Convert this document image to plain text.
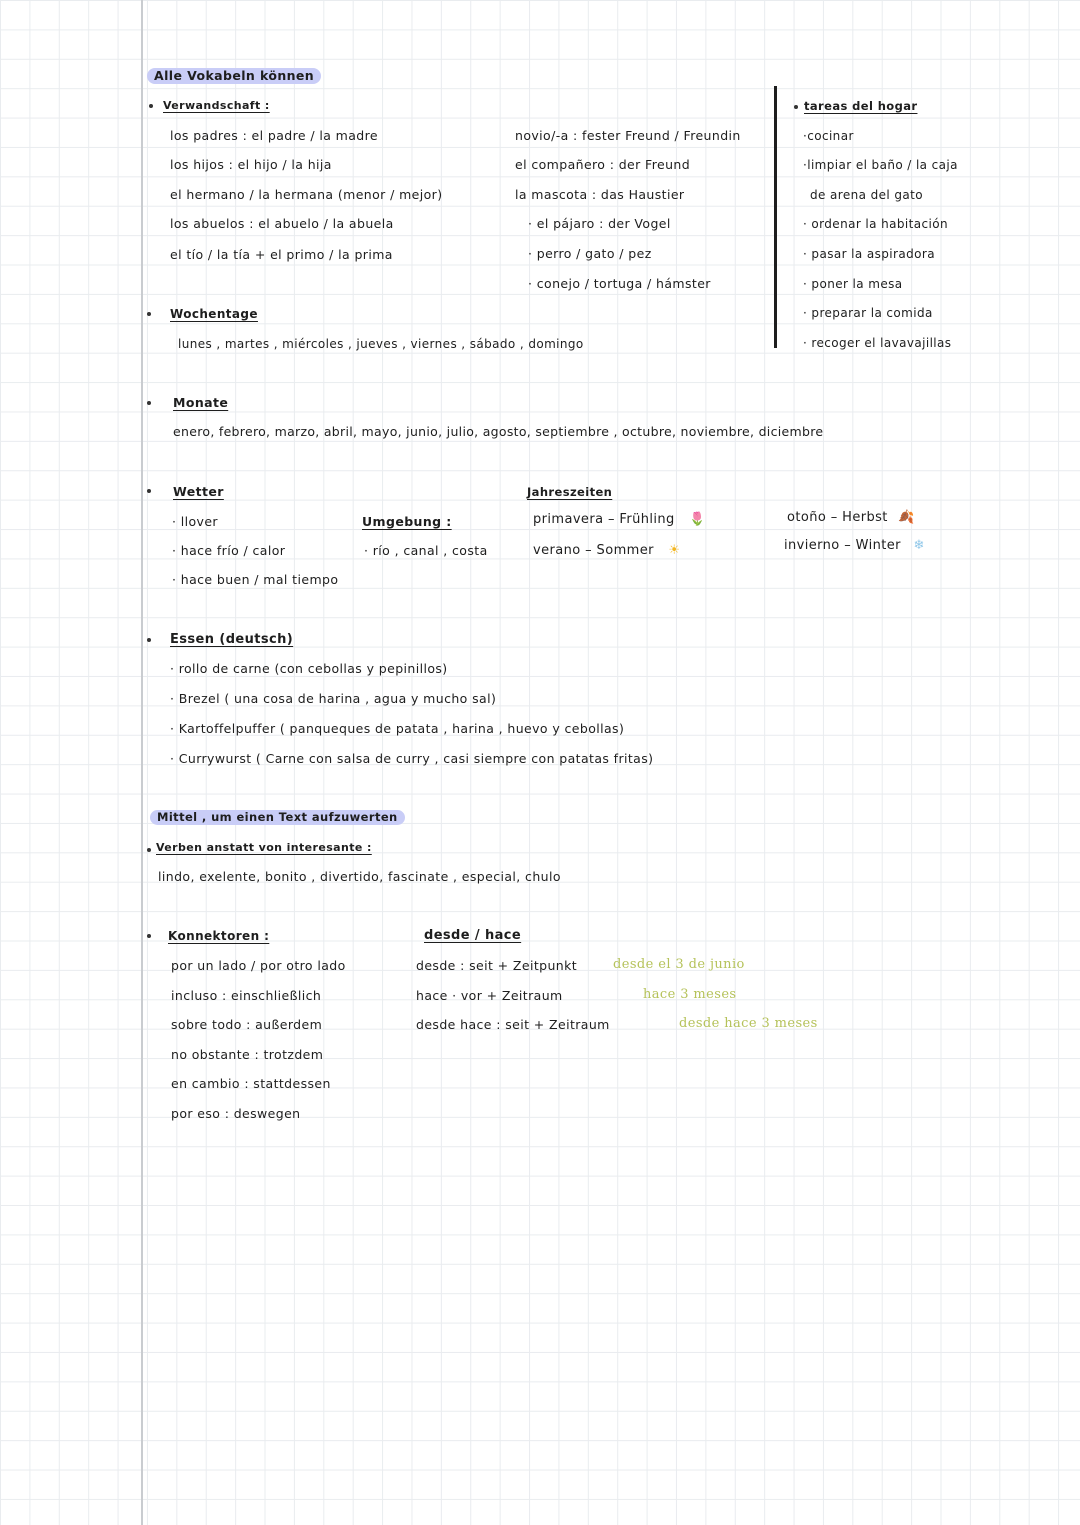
Alle Vokabeln können
Verwandschaft :
los padres : el padre / la madre
los hijos : el hijo / la hija
el hermano / la hermana (menor / mejor)
los abuelos : el abuelo / la abuela
el tío / la tía + el primo / la prima
novio/-a : fester Freund / Freundin
el compañero : der Freund
la mascota : das Haustier
· el pájaro : der Vogel
· perro / gato / pez
· conejo / tortuga / hámster
tareas del hogar
·cocinar
·limpiar el baño / la caja
de arena del gato
· ordenar la habitación
· pasar la aspiradora
· poner la mesa
· preparar la comida
· recoger el lavavajillas
Wochentage
lunes , martes , miércoles , jueves , viernes , sábado , domingo
Monate
enero, febrero, marzo, abril, mayo, junio, julio, agosto, septiembre , octubre, noviembre, diciembre
Wetter
· llover
· hace frío / calor
· hace buen / mal tiempo
Umgebung :
· río , canal , costa
Jahreszeiten
primavera – Frühling 🌷
verano – Sommer ☀
otoño – Herbst 🍂
invierno – Winter ❄
Essen (deutsch)
· rollo de carne (con cebollas y pepinillos)
· Brezel ( una cosa de harina , agua y mucho sal)
· Kartoffelpuffer ( panqueques de patata , harina , huevo y cebollas)
· Currywurst ( Carne con salsa de curry , casi siempre con patatas fritas)
Mittel , um einen Text aufzuwerten
Verben anstatt von interesante :
lindo, exelente, bonito , divertido, fascinate , especial, chulo
Konnektoren :
por un lado / por otro lado
incluso : einschließlich
sobre todo : außerdem
no obstante : trotzdem
en cambio : stattdessen
por eso : deswegen
desde / hace
desde : seit + Zeitpunkt
hace · vor + Zeitraum
desde hace : seit + Zeitraum
desde el 3 de junio
hace 3 meses
desde hace 3 meses
